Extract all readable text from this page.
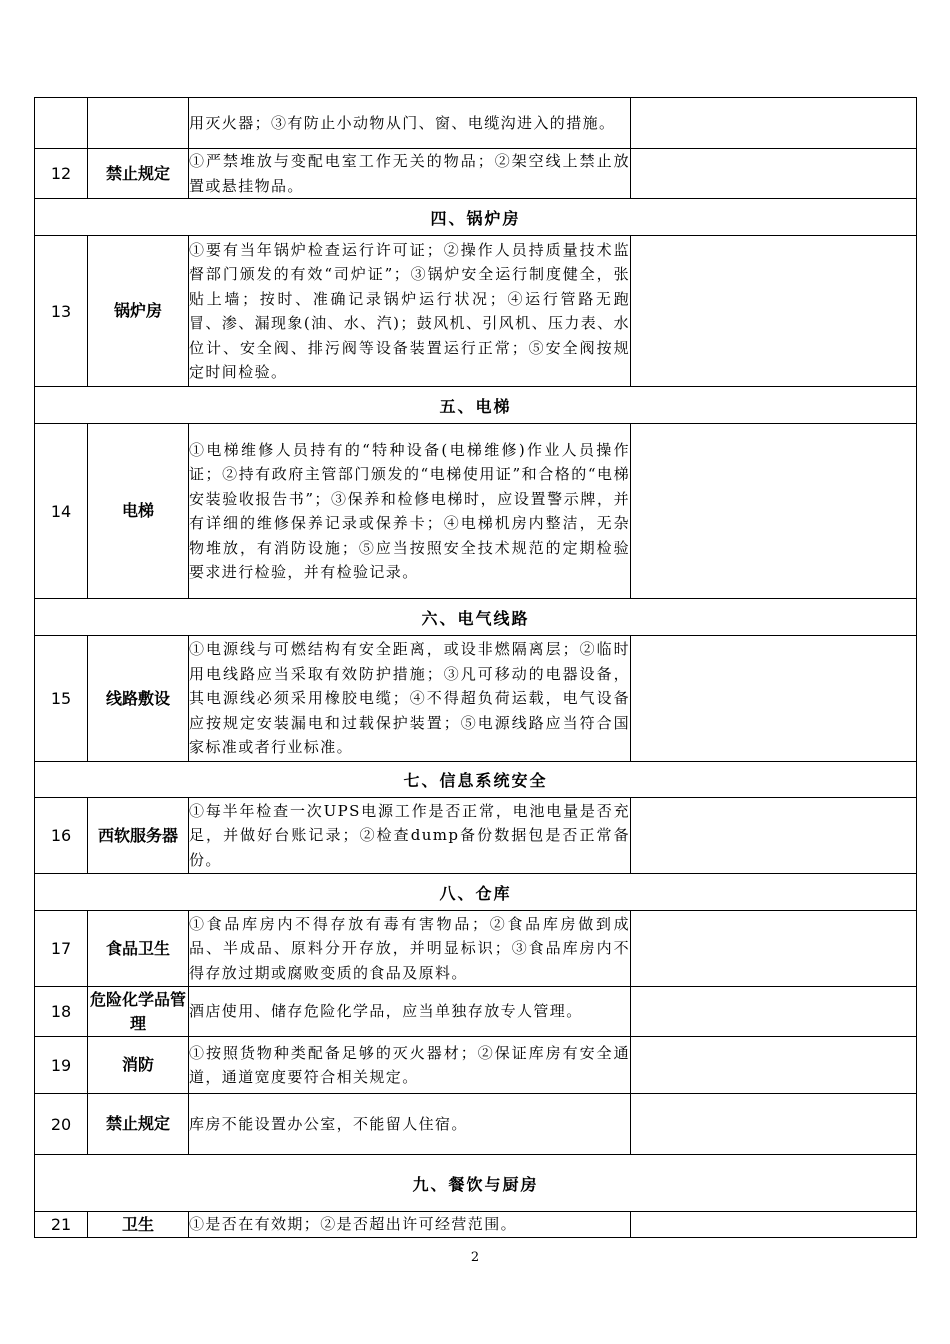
		用灭火器；③有防止小动物从门、窗、电缆沟进入的措施。	
12	禁止规定	①严禁堆放与变配电室工作无关的物品；②架空线上禁止放置或悬挂物品。	
四、锅炉房			
13	锅炉房	①要有当年锅炉检查运行许可证；②操作人员持质量技术监督部门颁发的有效“司炉证”；③锅炉安全运行制度健全，张贴上墙；按时、准确记录锅炉运行状况；④运行管路无跑冒、渗、漏现象(油、水、汽)；鼓风机、引风机、压力表、水位计、安全阀、排污阀等设备装置运行正常；⑤安全阀按规定时间检验。	
五、电梯			
14	电梯	①电梯维修人员持有的“特种设备(电梯维修)作业人员操作证；②持有政府主管部门颁发的“电梯使用证”和合格的“电梯安装验收报告书”；③保养和检修电梯时，应设置警示牌，并有详细的维修保养记录或保养卡；④电梯机房内整洁，无杂物堆放，有消防设施；⑤应当按照安全技术规范的定期检验要求进行检验，并有检验记录。	
六、电气线路			
15	线路敷设	①电源线与可燃结构有安全距离，或设非燃隔离层；②临时用电线路应当采取有效防护措施；③凡可移动的电器设备，其电源线必须采用橡胶电缆；④不得超负荷运载，电气设备应按规定安装漏电和过载保护装置；⑤电源线路应当符合国家标准或者行业标准。	
七、信息系统安全			
16	西软服务器	①每半年检查一次UPS电源工作是否正常，电池电量是否充足，并做好台账记录；②检查dump备份数据包是否正常备份。	
八、仓库			
17	食品卫生	①食品库房内不得存放有毒有害物品；②食品库房做到成品、半成品、原料分开存放，并明显标识；③食品库房内不得存放过期或腐败变质的食品及原料。	
18	危险化学品管理	酒店使用、储存危险化学品，应当单独存放专人管理。	
19	消防	①按照货物种类配备足够的灭火器材；②保证库房有安全通道，通道宽度要符合相关规定。	
20	禁止规定	库房不能设置办公室，不能留人住宿。	
九、餐饮与厨房			
21	卫生	①是否在有效期；②是否超出许可经营范围。	
2
